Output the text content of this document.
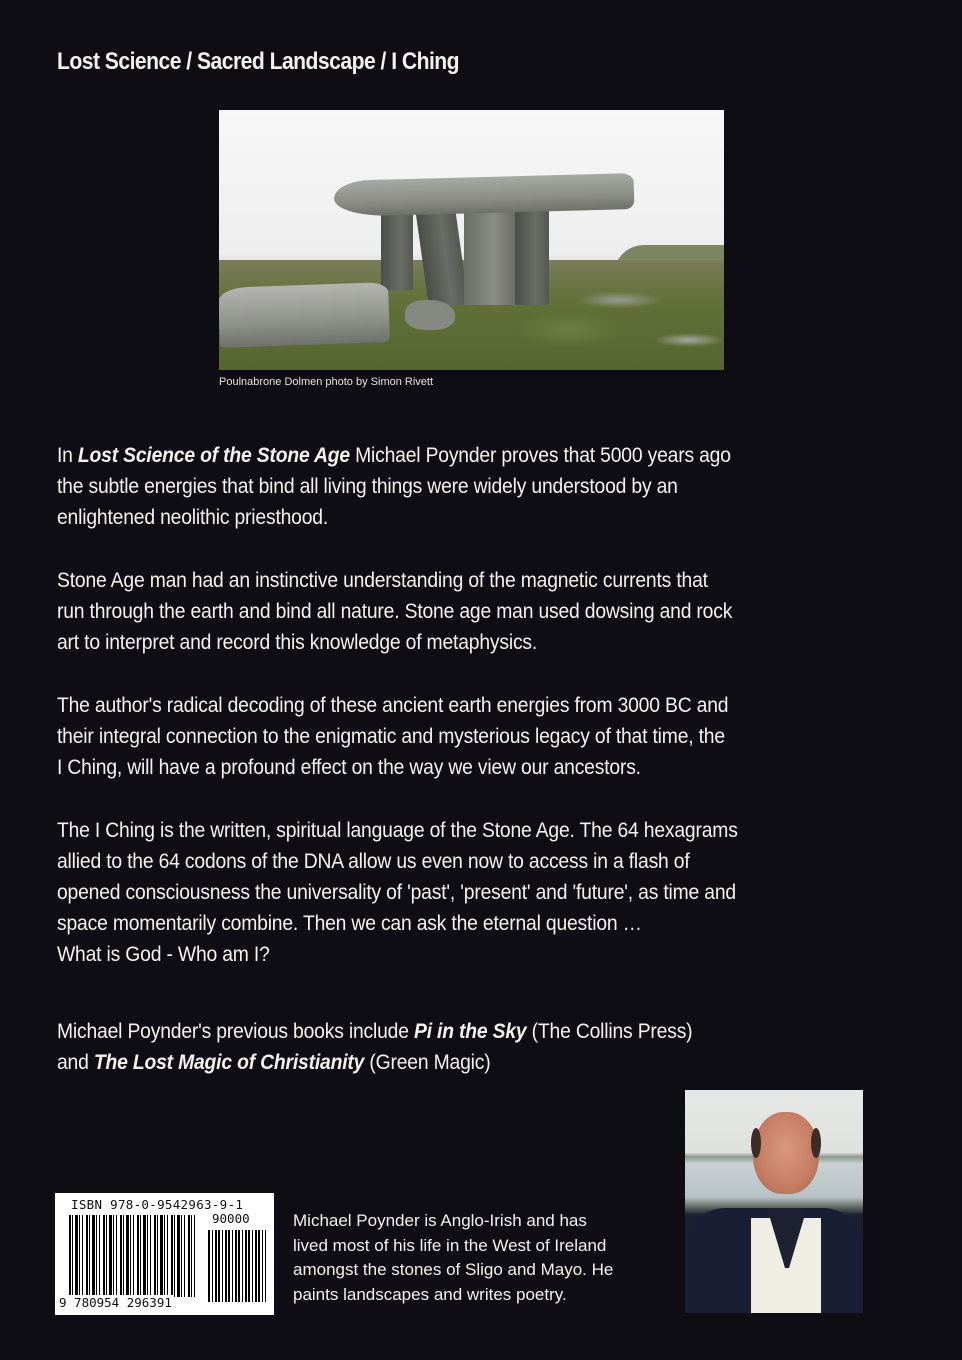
Lost Science / Sacred Landscape / I Ching
Poulnabrone Dolmen photo by Simon Rivett
In Lost Science of the Stone Age Michael Poynder proves that 5000 years ago
the subtle energies that bind all living things were widely understood by an
enlightened neolithic priesthood.
Stone Age man had an instinctive understanding of the magnetic currents that
run through the earth and bind all nature. Stone age man used dowsing and rock
art to interpret and record this knowledge of metaphysics.
The author's radical decoding of these ancient earth energies from 3000 BC and
their integral connection to the enigmatic and mysterious legacy of that time, the
I Ching, will have a profound effect on the way we view our ancestors.
The I Ching is the written, spiritual language of the Stone Age. The 64 hexagrams
allied to the 64 codons of the DNA allow us even now to access in a flash of
opened consciousness the universality of 'past', 'present' and 'future', as time and
space momentarily combine. Then we can ask the eternal question …
What is God - Who am I?
Michael Poynder's previous books include Pi in the Sky (The Collins Press)
and The Lost Magic of Christianity (Green Magic)
ISBN 978-0-9542963-9-1
90000
9 780954 296391
Michael Poynder is Anglo-Irish and has
lived most of his life in the West of Ireland
amongst the stones of Sligo and Mayo. He
paints landscapes and writes poetry.
